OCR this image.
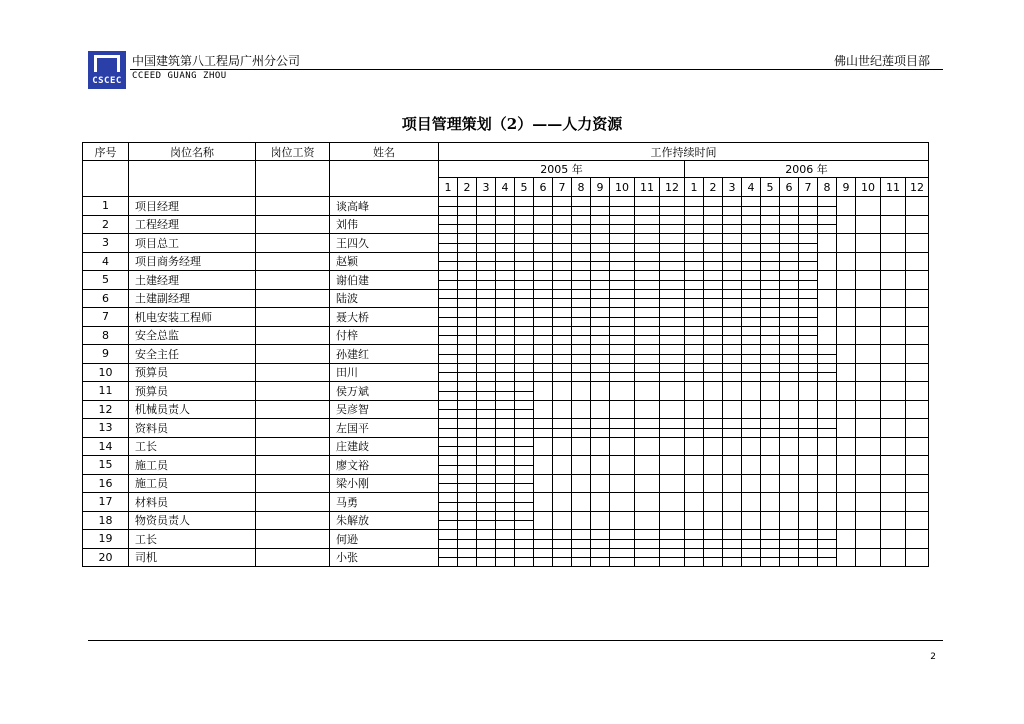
CSCEC
中国建筑第八工程局广州分公司
CCEED GUANG ZHOU
佛山世纪莲项目部
项目管理策划（2）——人力资源
序号	岗位名称	岗位工资	姓名	工作持续时间																							
				2005 年												2006 年											
				1	2	3	4	5	6	7	8	9	10	11	12	1	2	3	4	5	6	7	8	9	10	11	12
1	项目经理		谈高峰																								
2	工程经理		刘伟																								
3	项目总工		王四久																								
4	项目商务经理		赵颖																								
5	土建经理		谢伯建																								
6	土建副经理		陆波																								
7	机电安装工程师		聂大桥																								
8	安全总监		付梓																								
9	安全主任		孙建红																								
10	预算员		田川																								
11	预算员		侯万斌																								
12	机械员责人		吴彦智																								
13	资料员		左国平																								
14	工长		庄建歧																								
15	施工员		廖文裕																								
16	施工员		梁小刚																								
17	材料员		马勇																								
18	物资员责人		朱解放																								
19	工长		何逊																								
20	司机		小张																								
2
